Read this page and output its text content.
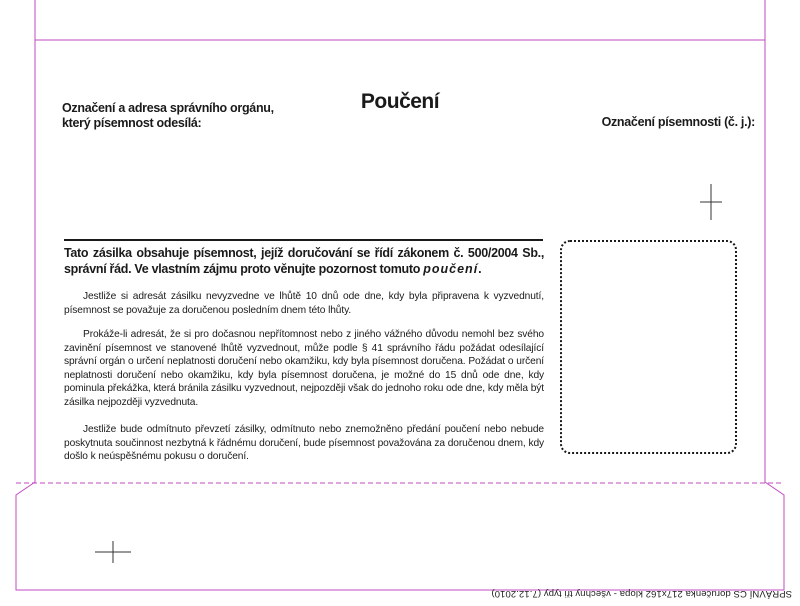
Poučení
Označení a adresa správního orgánu,
který písemnost odesílá:	Označení písemnosti (č. j.):
Tato zásilka obsahuje písemnost, jejíž doručování se řídí zákonem č. 500/2004 Sb., správní řád. Ve vlastním zájmu proto věnujte pozornost tomuto poučení.
Jestliže si adresát zásilku nevyzvedne ve lhůtě 10 dnů ode dne, kdy byla připravena k vyzvednutí, písemnost se považuje za doručenou posledním dnem této lhůty.
Prokáže-li adresát, že si pro dočasnou nepřítomnost nebo z jiného vážného důvodu nemohl bez svého zavinění písemnost ve stanovené lhůtě vyzvednout, může podle § 41 správního řádu požádat odesílající správní orgán o určení neplatnosti doručení nebo okamžiku, kdy byla písemnost doručena. Požádat o určení neplatnosti doručení nebo okamžiku, kdy byla písemnost doručena, je možné do 15 dnů ode dne, kdy pominula překážka, která bránila zásilku vyzvednout, nejpozději však do jednoho roku ode dne, kdy měla být zásilka nejpozději vyzvednuta.
Jestliže bude odmítnuto převzetí zásilky, odmítnuto nebo znemožněno předání poučení nebo nebude poskytnuta součinnost nezbytná k řádnému doručení, bude písemnost považována za doručenou dnem, kdy došlo k neúspěšnému pokusu o doručení.
SPRÁVNÍ CS doručenka 217x162 klopa - všechny tři typy (7.12.2010)
